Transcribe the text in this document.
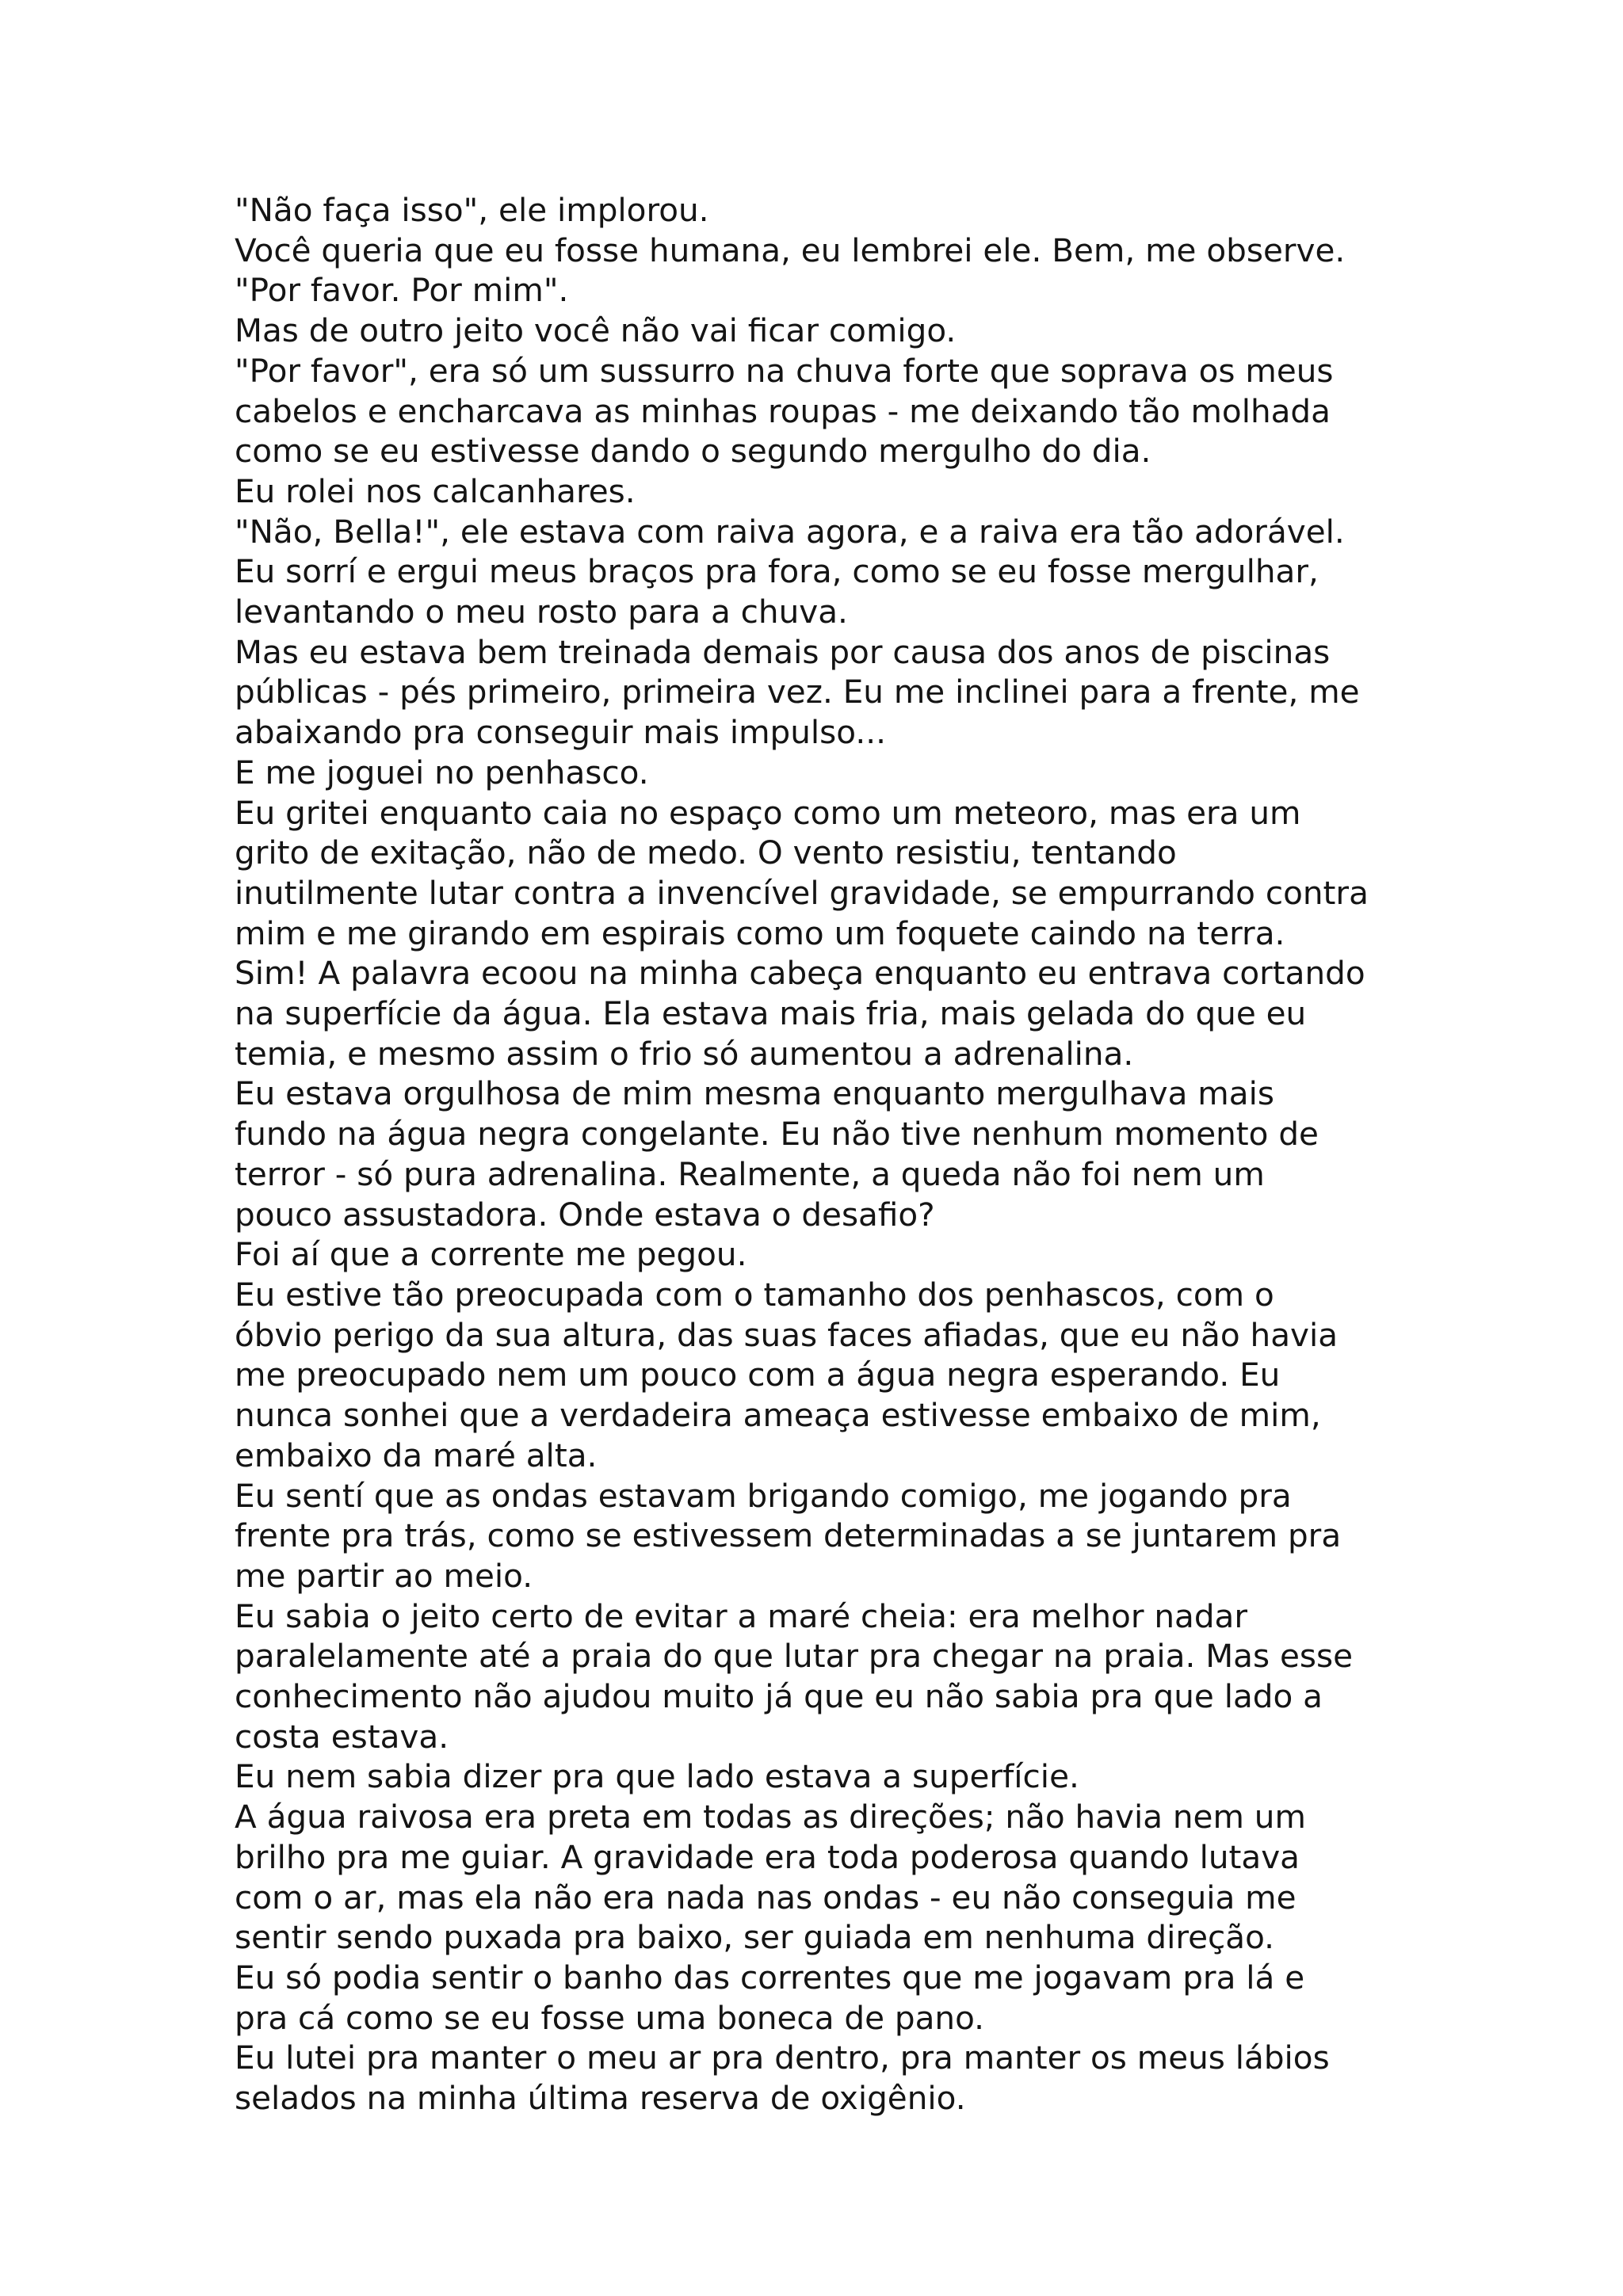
"Não faça isso", ele implorou.

Você queria que eu fosse humana, eu lembrei ele. Bem, me observe.

"Por favor. Por mim".

Mas de outro jeito você não vai ficar comigo.

"Por favor", era só um sussurro na chuva forte que soprava os meus

cabelos e encharcava as minhas roupas - me deixando tão molhada

como se eu estivesse dando o segundo mergulho do dia.

Eu rolei nos calcanhares.

"Não, Bella!", ele estava com raiva agora, e a raiva era tão adorável.

Eu sorrí e ergui meus braços pra fora, como se eu fosse mergulhar,

levantando o meu rosto para a chuva.

Mas eu estava bem treinada demais por causa dos anos de piscinas

públicas - pés primeiro, primeira vez. Eu me inclinei para a frente, me

abaixando pra conseguir mais impulso...

E me joguei no penhasco.

Eu gritei enquanto caia no espaço como um meteoro, mas era um

grito de exitação, não de medo. O vento resistiu, tentando

inutilmente lutar contra a invencível gravidade, se empurrando contra

mim e me girando em espirais como um foquete caindo na terra.

Sim! A palavra ecoou na minha cabeça enquanto eu entrava cortando

na superfície da água. Ela estava mais fria, mais gelada do que eu

temia, e mesmo assim o frio só aumentou a adrenalina.

Eu estava orgulhosa de mim mesma enquanto mergulhava mais

fundo na água negra congelante. Eu não tive nenhum momento de

terror - só pura adrenalina. Realmente, a queda não foi nem um

pouco assustadora. Onde estava o desafio?

Foi aí que a corrente me pegou.

Eu estive tão preocupada com o tamanho dos penhascos, com o

óbvio perigo da sua altura, das suas faces afiadas, que eu não havia

me preocupado nem um pouco com a água negra esperando. Eu

nunca sonhei que a verdadeira ameaça estivesse embaixo de mim,

embaixo da maré alta.

Eu sentí que as ondas estavam brigando comigo, me jogando pra

frente pra trás, como se estivessem determinadas a se juntarem pra

me partir ao meio.

Eu sabia o jeito certo de evitar a maré cheia: era melhor nadar

paralelamente até a praia do que lutar pra chegar na praia. Mas esse

conhecimento não ajudou muito já que eu não sabia pra que lado a

costa estava.

Eu nem sabia dizer pra que lado estava a superfície.

A água raivosa era preta em todas as direções; não havia nem um

brilho pra me guiar. A gravidade era toda poderosa quando lutava

com o ar, mas ela não era nada nas ondas - eu não conseguia me

sentir sendo puxada pra baixo, ser guiada em nenhuma direção.

Eu só podia sentir o banho das correntes que me jogavam pra lá e

pra cá como se eu fosse uma boneca de pano.

Eu lutei pra manter o meu ar pra dentro, pra manter os meus lábios

selados na minha última reserva de oxigênio.
